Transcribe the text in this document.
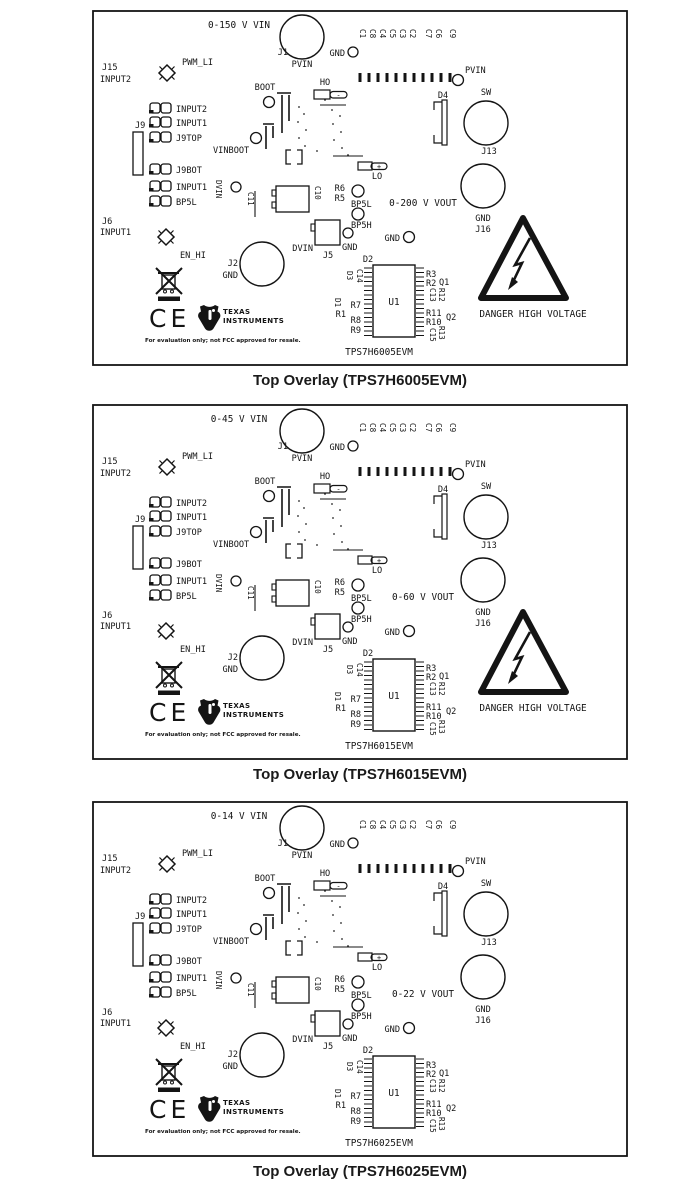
0-150 V VIN
J1
PVIN
GND
C1 C8 C4 C5 C3 C2 C7 C6 C9
PVIN
J15
INPUT2
PWM_LI
BOOT	HO
-
VINBOOT
D4	SW
J13
J9
INPUT2
INPUT1
J9TOP
J9BOT
INPUT1
BP5L
DVIN
C11	C10 R6
R5
BP5L 0-200 V VOUT
BP5H
+
LO
DVIN
J5
GND
GND
GND
J16
J6
INPUT1
EN_HI
J2
GND
CE	TEXAS
INSTRUMENTS
For evaluation only; not FCC approved for resale.
D2
U1
D3 C14
R7
D1
R1
R8
R9
R3
R2 Q1
R12
C13
R11 Q2
R10
R13
C15
TPS7H6005EVM
DANGER HIGH VOLTAGE
Top Overlay (TPS7H6005EVM)
0-45 V VIN
J1
PVIN
GND
C1 C8 C4 C5 C3 C2 C7 C6 C9
PVIN
J15
INPUT2
PWM_LI
BOOT	HO
-
VINBOOT
D4	SW
J13
J9
INPUT2
INPUT1
J9TOP
J9BOT
INPUT1
BP5L
DVIN
C11	C10 R6
R5
BP5L 0-60 V VOUT
BP5H
+
LO
DVIN
J5
GND
GND
GND
J16
J6
INPUT1
EN_HI
J2
GND
CE	TEXAS
INSTRUMENTS
For evaluation only; not FCC approved for resale.
D2
U1
D3 C14
R7
D1
R1
R8
R9
R3
R2 Q1
R12
C13
R11 Q2
R10
R13
C15
TPS7H6015EVM
DANGER HIGH VOLTAGE
Top Overlay (TPS7H6015EVM)
0-14 V VIN
J1
PVIN
GND
C1 C8 C4 C5 C3 C2 C7 C6 C9
PVIN
J15
INPUT2
PWM_LI
BOOT	HO
-
VINBOOT
D4	SW
J13
J9
INPUT2
INPUT1
J9TOP
J9BOT
INPUT1
BP5L
DVIN
C11	C10 R6
R5
BP5L 0-22 V VOUT
BP5H
+
LO
DVIN
J5
GND
GND
GND
J16
J6
INPUT1
EN_HI
J2
GND
CE	TEXAS
INSTRUMENTS
For evaluation only; not FCC approved for resale.
D2
U1
D3 C14
R7
D1
R1
R8
R9
R3
R2 Q1
R12
C13
R11 Q2
R10
R13
C15
TPS7H6025EVM
Top Overlay (TPS7H6025EVM)
